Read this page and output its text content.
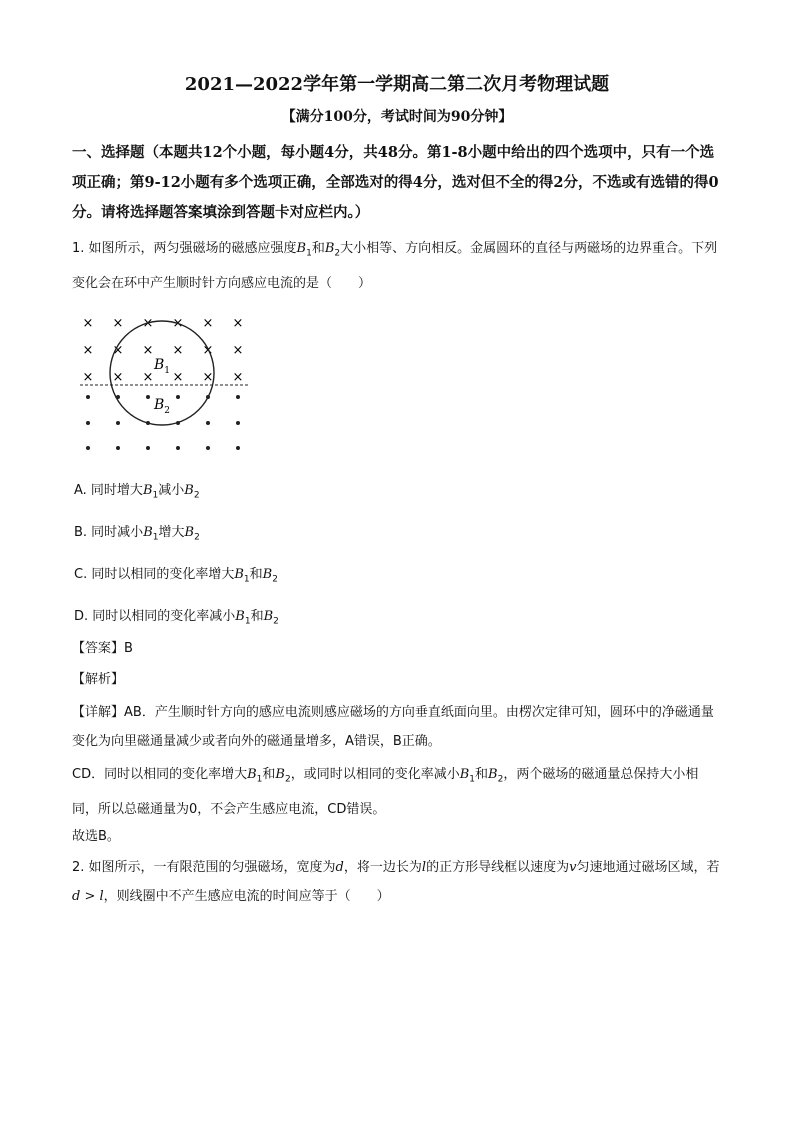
2021—2022学年第一学期高二第二次月考物理试题
【满分100分，考试时间为90分钟】
一、选择题（本题共12个小题，每小题4分，共48分。第1-8小题中给出的四个选项中，只有一个选项正确；第9-12小题有多个选项正确，全部选对的得4分，选对但不全的得2分，不选或有选错的得0分。请将选择题答案填涂到答题卡对应栏内。）
1. 如图所示，两匀强磁场的磁感应强度$B_1$和$B_2$大小相等、方向相反。金属圆环的直径与两磁场的边界重合。下列变化会在环中产生顺时针方向感应电流的是（　　）
× × × × × ×
× × × × × ×
× × × × × ×
$B_1$
$B_2$
A. 同时增大$B_1$减小$B_2$
B. 同时减小$B_1$增大$B_2$
C. 同时以相同的变化率增大$B_1$和$B_2$
D. 同时以相同的变化率减小$B_1$和$B_2$
【答案】B
【解析】
【详解】AB．产生顺时针方向的感应电流则感应磁场的方向垂直纸面向里。由楞次定律可知，圆环中的净磁通量变化为向里磁通量减少或者向外的磁通量增多，A错误，B正确。
CD．同时以相同的变化率增大$B_1$和$B_2$，或同时以相同的变化率减小$B_1$和$B_2$，两个磁场的磁通量总保持大小相同，所以总磁通量为0，不会产生感应电流，CD错误。
故选B。
2. 如图所示，一有限范围的匀强磁场，宽度为d，将一边长为l的正方形导线框以速度为v匀速地通过磁场区域，若d > l，则线圈中不产生感应电流的时间应等于（　　）
